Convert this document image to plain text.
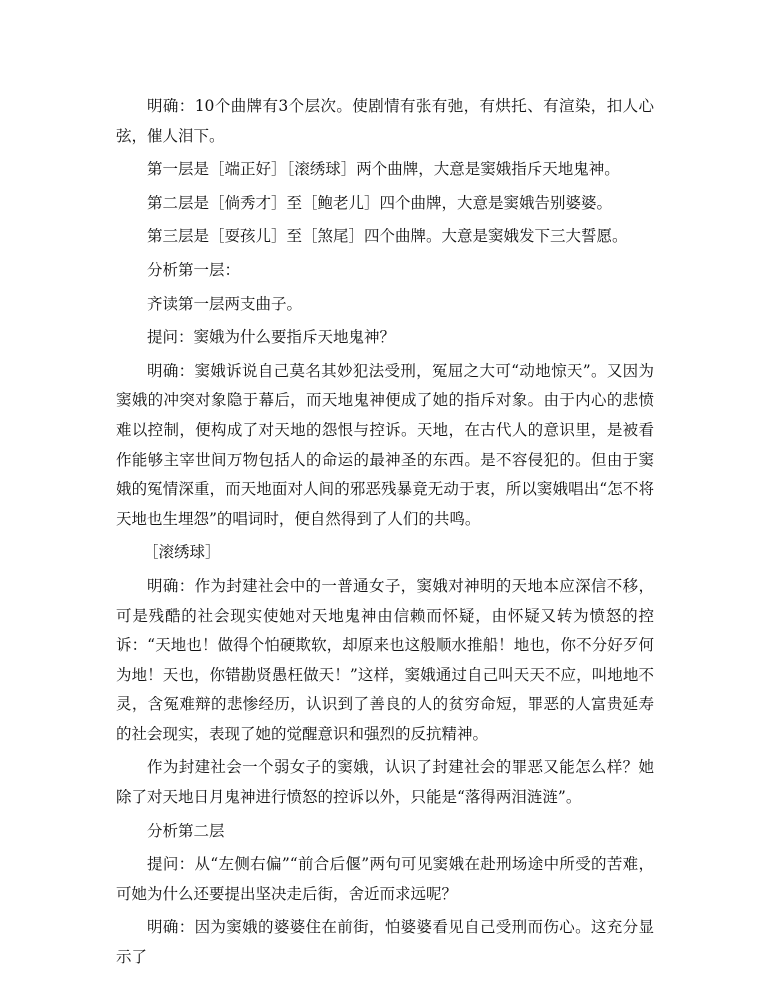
明确：10个曲牌有3个层次。使剧情有张有弛，有烘托、有渲染，扣人心弦，催人泪下。

第一层是［端正好］［滚绣球］两个曲牌，大意是窦娥指斥天地鬼神。

第二层是［倘秀才］至［鲍老儿］四个曲牌，大意是窦娥告别婆婆。

第三层是［耍孩儿］至［煞尾］四个曲牌。大意是窦娥发下三大誓愿。

分析第一层：

齐读第一层两支曲子。

提问：窦娥为什么要指斥天地鬼神？

明确：窦娥诉说自己莫名其妙犯法受刑，冤屈之大可“动地惊天”。又因为窦娥的冲突对象隐于幕后，而天地鬼神便成了她的指斥对象。由于内心的悲愤难以控制，便构成了对天地的怨恨与控诉。天地，在古代人的意识里，是被看作能够主宰世间万物包括人的命运的最神圣的东西。是不容侵犯的。但由于窦娥的冤情深重，而天地面对人间的邪恶残暴竟无动于衷，所以窦娥唱出“怎不将天地也生埋怨”的唱词时，便自然得到了人们的共鸣。

［滚绣球］

明确：作为封建社会中的一普通女子，窦娥对神明的天地本应深信不移，可是残酷的社会现实使她对天地鬼神由信赖而怀疑，由怀疑又转为愤怒的控诉：“天地也！做得个怕硬欺软，却原来也这般顺水推船！地也，你不分好歹何为地！天也，你错勘贤愚枉做天！”这样，窦娥通过自己叫天天不应，叫地地不灵，含冤难辩的悲惨经历，认识到了善良的人的贫穷命短，罪恶的人富贵延寿的社会现实，表现了她的觉醒意识和强烈的反抗精神。

作为封建社会一个弱女子的窦娥，认识了封建社会的罪恶又能怎么样？她除了对天地日月鬼神进行愤怒的控诉以外，只能是“落得两泪涟涟”。

分析第二层

提问：从“左侧右偏”“前合后偃”两句可见窦娥在赴刑场途中所受的苦难，可她为什么还要提出坚决走后街，舍近而求远呢？

明确：因为窦娥的婆婆住在前街，怕婆婆看见自己受刑而伤心。这充分显示了
